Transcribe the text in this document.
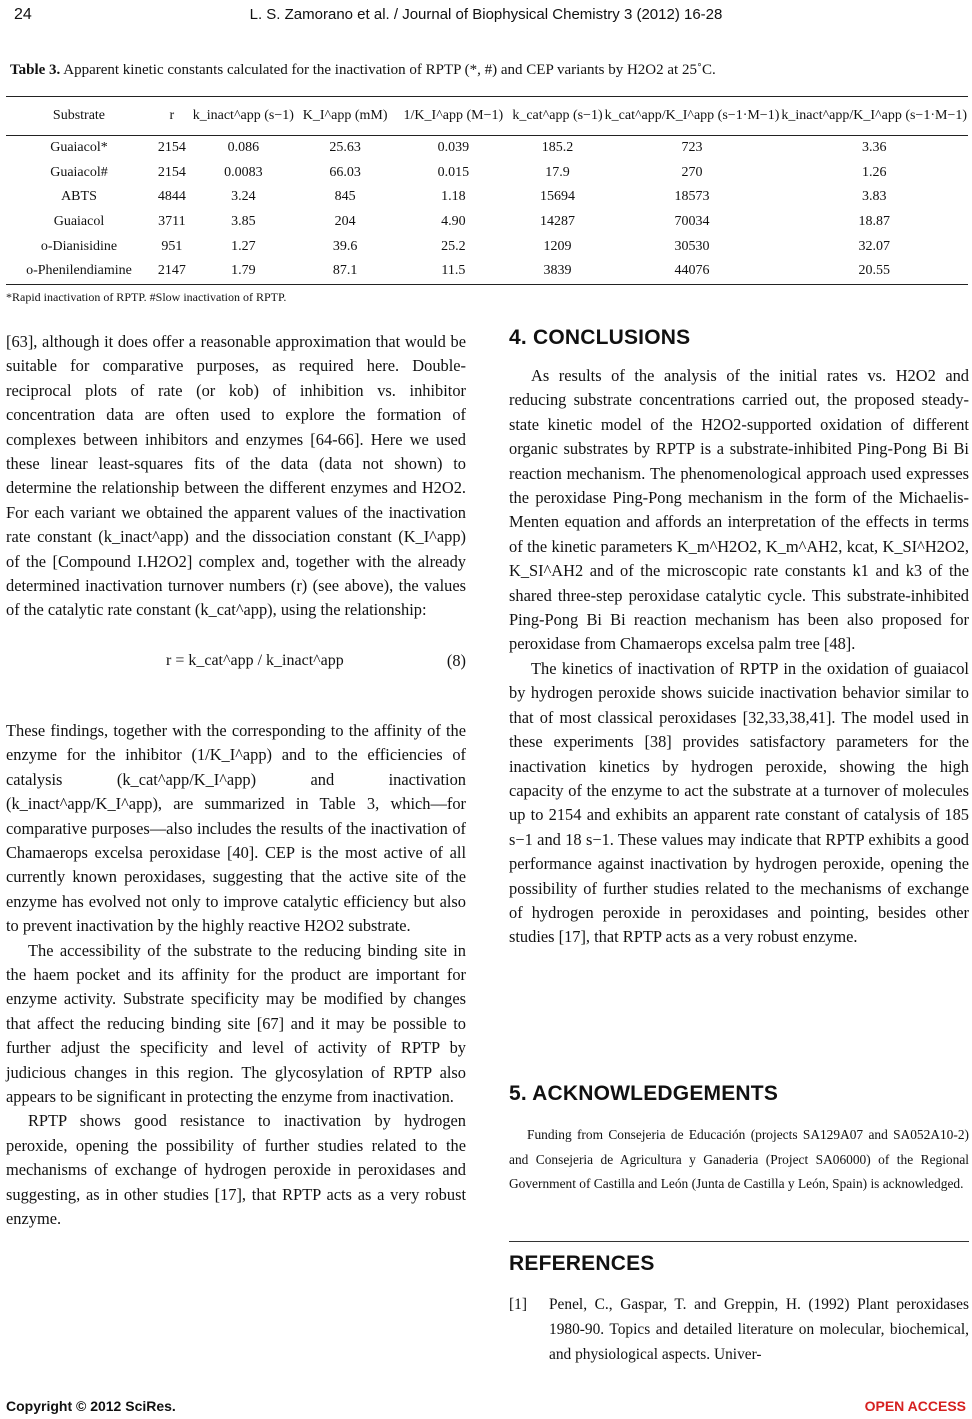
24	L. S. Zamorano et al. / Journal of Biophysical Chemistry 3 (2012) 16-28
Table 3. Apparent kinetic constants calculated for the inactivation of RPTP (*, #) and CEP variants by H2O2 at 25˚C.
Substrate	r	k_inact^app (s−1)	K_I^app (mM)	1/K_I^app (M−1)	k_cat^app (s−1)	k_cat^app/K_I^app (s−1·M−1)	k_inact^app/K_I^app (s−1·M−1)
Guaiacol*	2154	0.086	25.63	0.039	185.2	723	3.36
Guaiacol#	2154	0.0083	66.03	0.015	17.9	270	1.26
ABTS	4844	3.24	845	1.18	15694	18573	3.83
Guaiacol	3711	3.85	204	4.90	14287	70034	18.87
o-Dianisidine	951	1.27	39.6	25.2	1209	30530	32.07
o-Phenilendiamine	2147	1.79	87.1	11.5	3839	44076	20.55
*Rapid inactivation of RPTP. #Slow inactivation of RPTP.

[63], although it does offer a reasonable approximation that would be suitable for comparative purposes, as required here. Double-reciprocal plots of rate (or kob) of inhibition vs. inhibitor concentration data are often used to explore the formation of complexes between inhibitors and enzymes [64-66]. Here we used these linear least-squares fits of the data (data not shown) to determine the relationship between the different enzymes and H2O2. For each variant we obtained the apparent values of the inactivation rate constant (k_inact^app) and the dissociation constant (K_I^app) of the [Compound I.H2O2] complex and, together with the already determined inactivation turnover numbers (r) (see above), the values of the catalytic rate constant (k_cat^app), using the relationship:

r = k_cat^app / k_inact^app	(8)

These findings, together with the corresponding to the affinity of the enzyme for the inhibitor (1/K_I^app) and to the efficiencies of catalysis (k_cat^app/K_I^app) and inactivation (k_inact^app/K_I^app), are summarized in Table 3, which—for comparative purposes—also includes the results of the inactivation of Chamaerops excelsa peroxidase [40]. CEP is the most active of all currently known peroxidases, suggesting that the active site of the enzyme has evolved not only to improve catalytic efficiency but also to prevent inactivation by the highly reactive H2O2 substrate.

The accessibility of the substrate to the reducing binding site in the haem pocket and its affinity for the product are important for enzyme activity. Substrate specificity may be modified by changes that affect the reducing binding site [67] and it may be possible to further adjust the specificity and level of activity of RPTP by judicious changes in this region. The glycosylation of RPTP also appears to be significant in protecting the enzyme from inactivation.

RPTP shows good resistance to inactivation by hydrogen peroxide, opening the possibility of further studies related to the mechanisms of exchange of hydrogen peroxide in peroxidases and suggesting, as in other studies [17], that RPTP acts as a very robust enzyme.

4. CONCLUSIONS

As results of the analysis of the initial rates vs. H2O2 and reducing substrate concentrations carried out, the proposed steady-state kinetic model of the H2O2-supported oxidation of different organic substrates by RPTP is a substrate-inhibited Ping-Pong Bi Bi reaction mechanism. The phenomenological approach used expresses the peroxidase Ping-Pong mechanism in the form of the Michaelis-Menten equation and affords an interpretation of the effects in terms of the kinetic parameters K_m^H2O2, K_m^AH2, kcat, K_SI^H2O2, K_SI^AH2 and of the microscopic rate constants k1 and k3 of the shared three-step peroxidase catalytic cycle. This substrate-inhibited Ping-Pong Bi Bi reaction mechanism has been also proposed for peroxidase from Chamaerops excelsa palm tree [48].

The kinetics of inactivation of RPTP in the oxidation of guaiacol by hydrogen peroxide shows suicide inactivation behavior similar to that of most classical peroxidases [32,33,38,41]. The model used in these experiments [38] provides satisfactory parameters for the inactivation kinetics by hydrogen peroxide, showing the high capacity of the enzyme to act the substrate at a turnover of molecules up to 2154 and exhibits an apparent rate constant of catalysis of 185 s−1 and 18 s−1. These values may indicate that RPTP exhibits a good performance against inactivation by hydrogen peroxide, opening the possibility of further studies related to the mechanisms of exchange of hydrogen peroxide in peroxidases and pointing, besides other studies [17], that RPTP acts as a very robust enzyme.

5. ACKNOWLEDGEMENTS
Funding from Consejeria de Educación (projects SA129A07 and SA052A10-2) and Consejeria de Agricultura y Ganaderia (Project SA06000) of the Regional Government of Castilla and León (Junta de Castilla y León, Spain) is acknowledged.
REFERENCES
[1] Penel, C., Gaspar, T. and Greppin, H. (1992) Plant peroxidases 1980-90. Topics and detailed literature on molecular, biochemical, and physiological aspects. Univer-
Copyright © 2012 SciRes.	OPEN ACCESS
